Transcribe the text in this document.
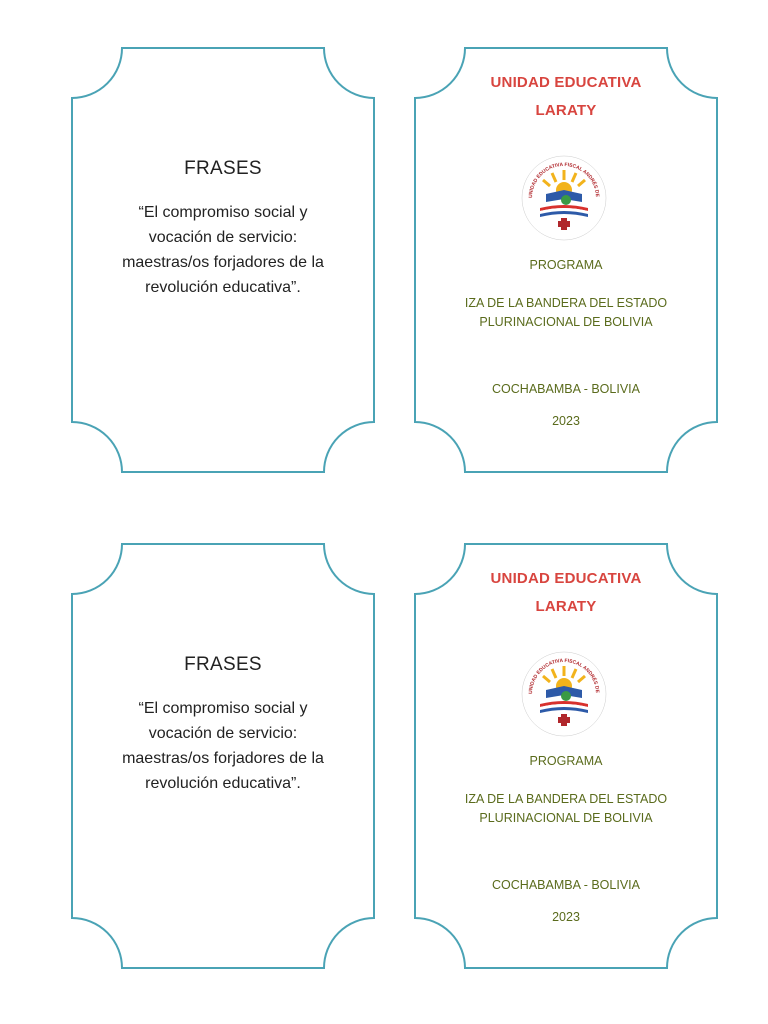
FRASES
“El compromiso social y
vocación de servicio:
maestras/os forjadores de la
revolución educativa”.
UNIDAD EDUCATIVA
LARATY
UNIDAD EDUCATIVA FISCAL ANDRÉS DE
PROGRAMA
IZA DE LA BANDERA DEL ESTADO
PLURINACIONAL DE BOLIVIA
COCHABAMBA - BOLIVIA
2023
FRASES
“El compromiso social y
vocación de servicio:
maestras/os forjadores de la
revolución educativa”.
UNIDAD EDUCATIVA
LARATY
UNIDAD EDUCATIVA FISCAL ANDRÉS DE
PROGRAMA
IZA DE LA BANDERA DEL ESTADO
PLURINACIONAL DE BOLIVIA
COCHABAMBA - BOLIVIA
2023
